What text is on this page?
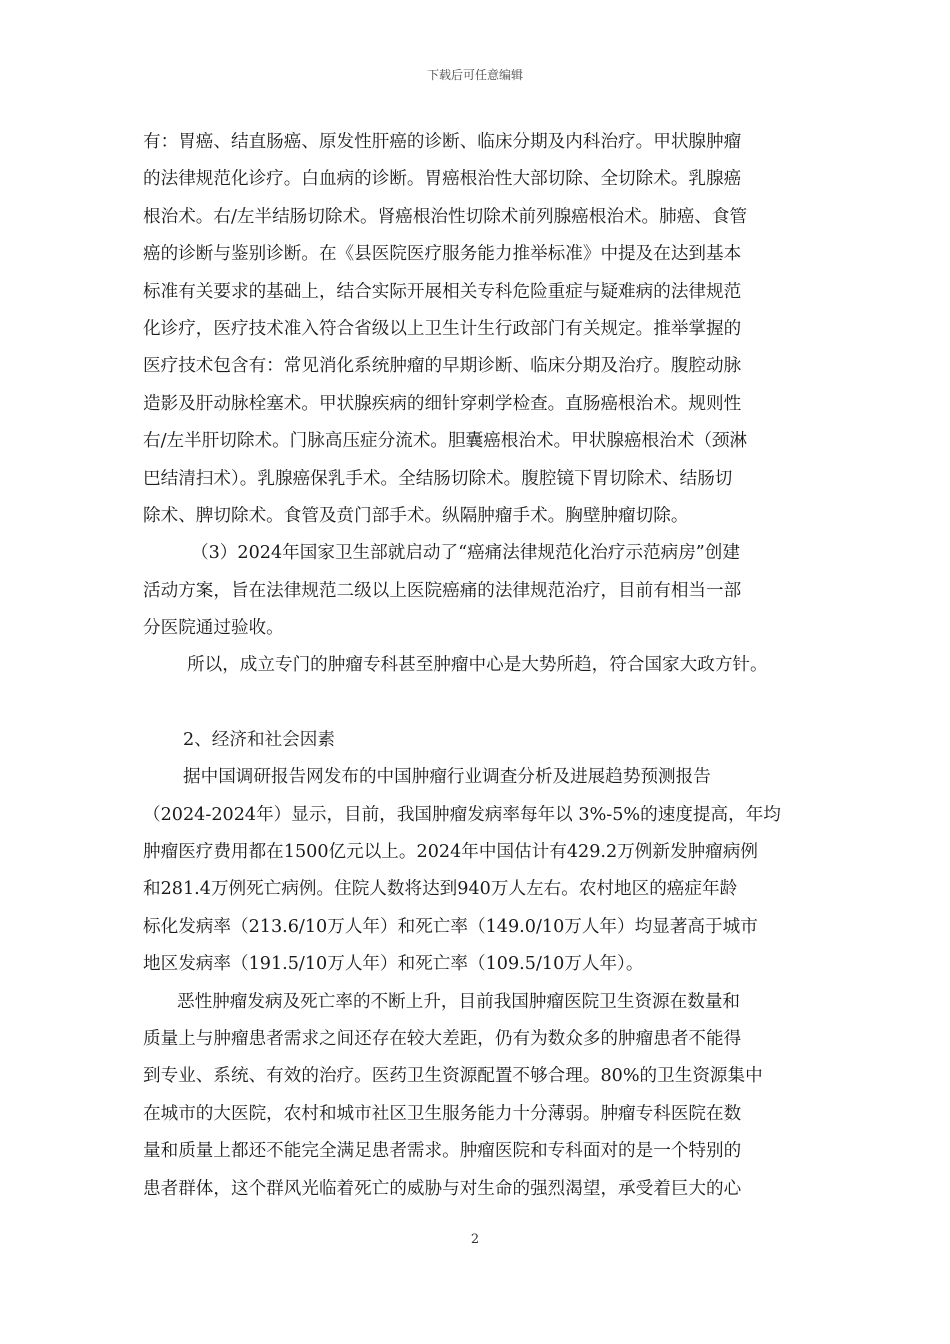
下载后可任意编辑
有：胃癌、结直肠癌、原发性肝癌的诊断、临床分期及内科治疗。甲状腺肿瘤
的法律规范化诊疗。白血病的诊断。胃癌根治性大部切除、全切除术。乳腺癌
根治术。右/左半结肠切除术。肾癌根治性切除术前列腺癌根治术。肺癌、食管
癌的诊断与鉴别诊断。在《县医院医疗服务能力推举标准》中提及在达到基本
标准有关要求的基础上，结合实际开展相关专科危险重症与疑难病的法律规范
化诊疗，医疗技术准入符合省级以上卫生计生行政部门有关规定。推举掌握的
医疗技术包含有：常见消化系统肿瘤的早期诊断、临床分期及治疗。腹腔动脉
造影及肝动脉栓塞术。甲状腺疾病的细针穿刺学检查。直肠癌根治术。规则性
右/左半肝切除术。门脉高压症分流术。胆囊癌根治术。甲状腺癌根治术（颈淋
巴结清扫术）。乳腺癌保乳手术。全结肠切除术。腹腔镜下胃切除术、结肠切
除术、脾切除术。食管及贲门部手术。纵隔肿瘤手术。胸壁肿瘤切除。
（3）2024年国家卫生部就启动了“癌痛法律规范化治疗示范病房”创建
活动方案，旨在法律规范二级以上医院癌痛的法律规范治疗，目前有相当一部
分医院通过验收。
所以，成立专门的肿瘤专科甚至肿瘤中心是大势所趋，符合国家大政方针。
2、经济和社会因素
据中国调研报告网发布的中国肿瘤行业调查分析及进展趋势预测报告
（2024-2024年）显示，目前，我国肿瘤发病率每年以 3%-5%的速度提高，年均
肿瘤医疗费用都在1500亿元以上。2024年中国估计有429.2万例新发肿瘤病例
和281.4万例死亡病例。住院人数将达到940万人左右。农村地区的癌症年龄
标化发病率（213.6/10万人年）和死亡率（149.0/10万人年）均显著高于城市
地区发病率（191.5/10万人年）和死亡率（109.5/10万人年）。
恶性肿瘤发病及死亡率的不断上升，目前我国肿瘤医院卫生资源在数量和
质量上与肿瘤患者需求之间还存在较大差距，仍有为数众多的肿瘤患者不能得
到专业、系统、有效的治疗。医药卫生资源配置不够合理。80%的卫生资源集中
在城市的大医院，农村和城市社区卫生服务能力十分薄弱。肿瘤专科医院在数
量和质量上都还不能完全满足患者需求。肿瘤医院和专科面对的是一个特别的
患者群体，这个群风光临着死亡的威胁与对生命的强烈渴望，承受着巨大的心
2
